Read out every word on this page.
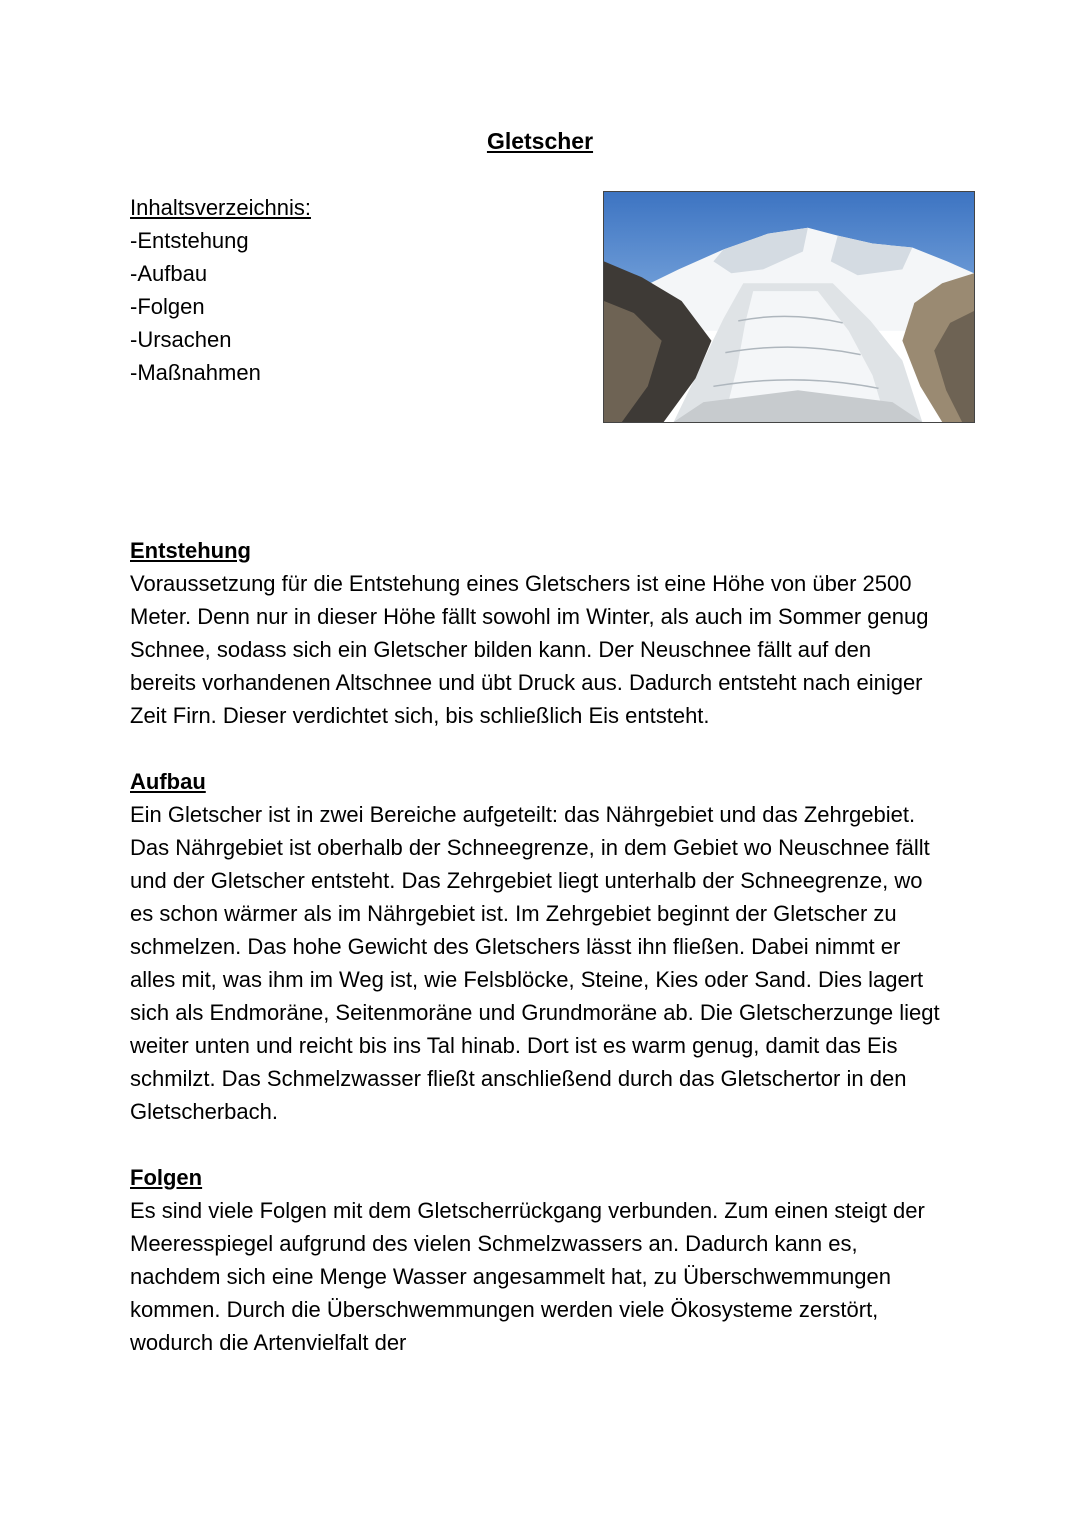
Gletscher
Inhaltsverzeichnis:
-Entstehung
-Aufbau
-Folgen
-Ursachen
-Maßnahmen
Entstehung

Voraussetzung für die Entstehung eines Gletschers ist eine Höhe von über 2500 Meter. Denn nur in dieser Höhe fällt sowohl im Winter, als auch im Sommer genug Schnee, sodass sich ein Gletscher bilden kann. Der Neuschnee fällt auf den bereits vorhandenen Altschnee und übt Druck aus. Dadurch entsteht nach einiger Zeit Firn. Dieser verdichtet sich, bis schließlich Eis entsteht.

Aufbau

Ein Gletscher ist in zwei Bereiche aufgeteilt: das Nährgebiet und das Zehrgebiet. Das Nährgebiet ist oberhalb der Schneegrenze, in dem Gebiet wo Neuschnee fällt und der Gletscher entsteht. Das Zehrgebiet liegt unterhalb der Schneegrenze, wo es schon wärmer als im Nährgebiet ist. Im Zehrgebiet beginnt der Gletscher zu schmelzen. Das hohe Gewicht des Gletschers lässt ihn fließen. Dabei nimmt er alles mit, was ihm im Weg ist, wie Felsblöcke, Steine, Kies oder Sand. Dies lagert sich als Endmoräne, Seitenmoräne und Grundmoräne ab. Die Gletscherzunge liegt weiter unten und reicht bis ins Tal hinab. Dort ist es warm genug, damit das Eis schmilzt. Das Schmelzwasser fließt anschließend durch das Gletschertor in den Gletscherbach.

Folgen

Es sind viele Folgen mit dem Gletscherrückgang verbunden. Zum einen steigt der Meeresspiegel aufgrund des vielen Schmelzwassers an. Dadurch kann es, nachdem sich eine Menge Wasser angesammelt hat, zu Überschwemmungen kommen. Durch die Überschwemmungen werden viele Ökosysteme zerstört, wodurch die Artenvielfalt der
